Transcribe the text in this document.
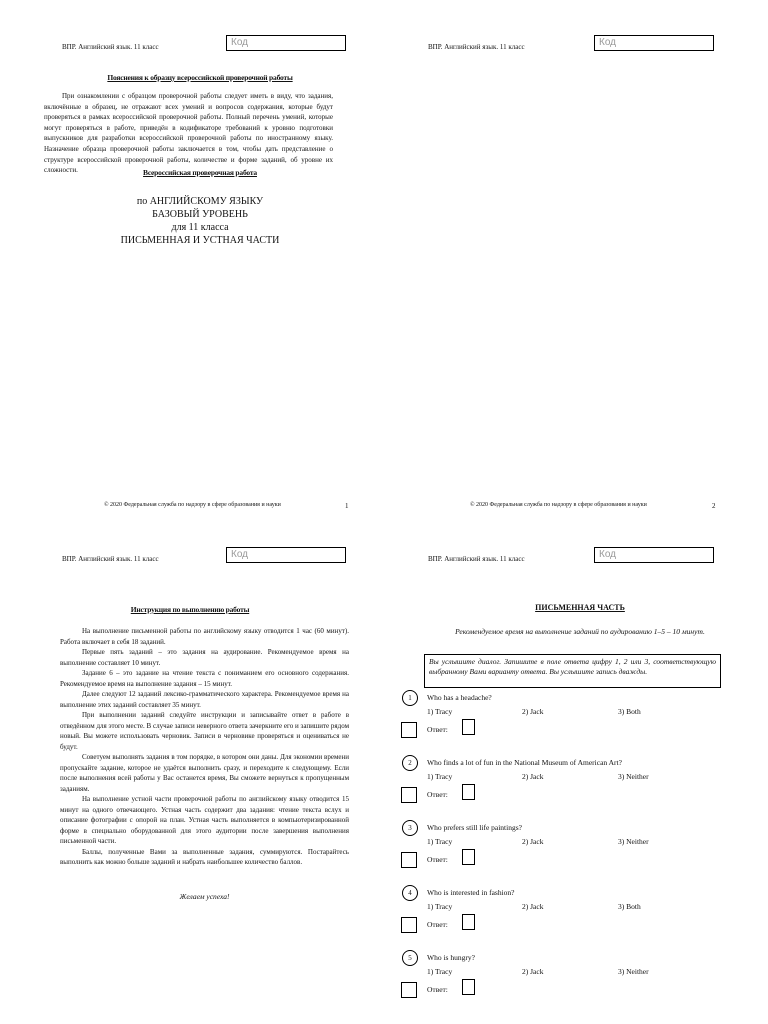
ВПР. Английский язык. 11 класс	Код
Всероссийская проверочная работа
по АНГЛИЙСКОМУ ЯЗЫКУ
БАЗОВЫЙ УРОВЕНЬ
для 11 класса
ПИСЬМЕННАЯ И УСТНАЯ ЧАСТИ
© 2020 Федеральная служба по надзору в сфере образования и науки	1
ВПР. Английский язык. 11 класс	Код
© 2020 Федеральная служба по надзору в сфере образования и науки	2
Пояснения к образцу всероссийской проверочной работы
При ознакомлении с образцом проверочной работы следует иметь в виду, что задания, включённые в образец, не отражают всех умений и вопросов содержания, которые будут проверяться в рамках всероссийской проверочной работы. Полный перечень умений, которые могут проверяться в работе, приведён в кодификаторе требований к уровню подготовки выпускников для разработки всероссийской проверочной работы по иностранному языку. Назначение образца проверочной работы заключается в том, чтобы дать представление о структуре всероссийской проверочной работы, количестве и форме заданий, об уровне их сложности.
ВПР. Английский язык. 11 класс	Код
Инструкция по выполнению работы

На выполнение письменной работы по английскому языку отводится 1 час (60 минут). Работа включает в себя 18 заданий.

Первые пять заданий – это задания на аудирование. Рекомендуемое время на выполнение составляет 10 минут.

Задание 6 – это задание на чтение текста с пониманием его основного содержания. Рекомендуемое время на выполнение задания – 15 минут.

Далее следуют 12 заданий лексико-грамматического характера. Рекомендуемое время на выполнение этих заданий составляет 35 минут.

При выполнении заданий следуйте инструкции и записывайте ответ в работе в отведённом для этого месте. В случае записи неверного ответа зачеркните его и запишите рядом новый. Вы можете использовать черновик. Записи в черновике проверяться и оцениваться не будут.

Советуем выполнять задания в том порядке, в котором они даны. Для экономии времени пропускайте задание, которое не удаётся выполнить сразу, и переходите к следующему. Если после выполнения всей работы у Вас останется время, Вы сможете вернуться к пропущенным заданиям.

На выполнение устной части проверочной работы по английскому языку отводится 15 минут на одного отвечающего. Устная часть содержит два задания: чтение текста вслух и описание фотографии с опорой на план. Устная часть выполняется в компьютеризированной форме в специально оборудованной для этого аудитории после завершения выполнения письменной части.

Баллы, полученные Вами за выполненные задания, суммируются. Постарайтесь выполнить как можно больше заданий и набрать наибольшее количество баллов.

Желаем успеха!
ВПР. Английский язык. 11 класс	Код
ПИСЬМЕННАЯ ЧАСТЬ
Рекомендуемое время на выполнение заданий по аудированию 1–5 – 10 минут.
Вы услышите диалог. Запишите в поле ответа цифру 1, 2 или 3, соответствующую выбранному Вами варианту ответа. Вы услышите запись дважды.
1	Who has a headache?
1) Tracy	2) Jack	3) Both
Ответ:
2	Who finds a lot of fun in the National Museum of American Art?
1) Tracy	2) Jack	3) Neither
Ответ:
3	Who prefers still life paintings?
1) Tracy	2) Jack	3) Neither
Ответ:
4	Who is interested in fashion?
1) Tracy	2) Jack	3) Both
Ответ:
5	Who is hungry?
1) Tracy	2) Jack	3) Neither
Ответ:
